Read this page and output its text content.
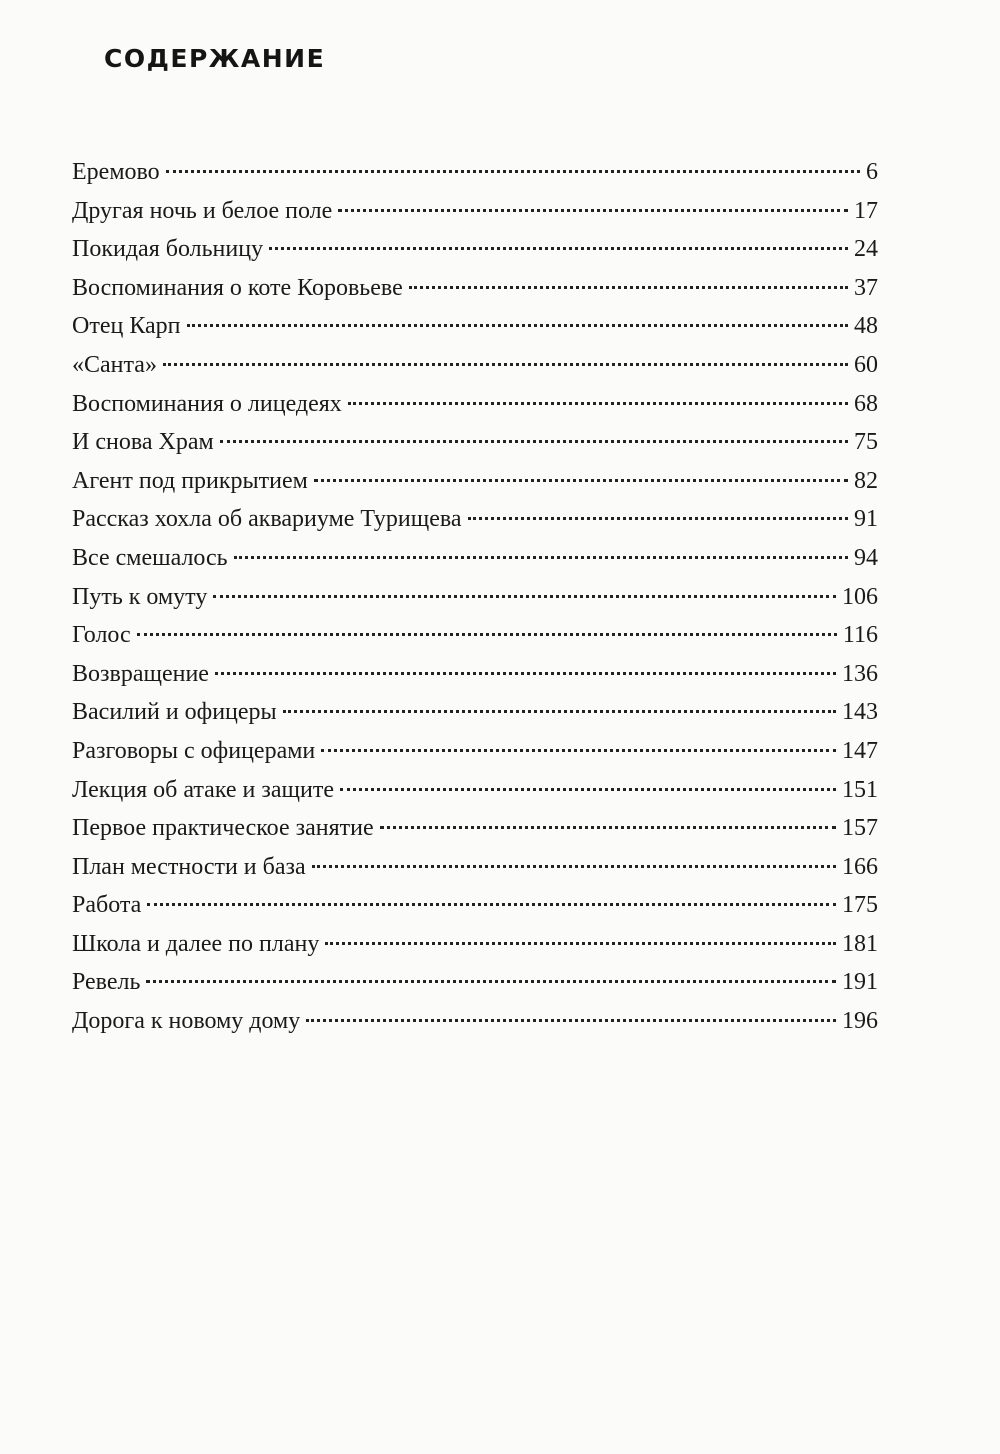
СОДЕРЖАНИЕ
Еремово	6
Другая ночь и белое поле	17
Покидая больницу	24
Воспоминания о коте Коровьеве	37
Отец Карп	48
«Санта»	60
Воспоминания о лицедеях	68
И снова Храм	75
Агент под прикрытием	82
Рассказ хохла об аквариуме Турищева	91
Все смешалось	94
Путь к омуту	106
Голос	116
Возвращение	136
Василий и офицеры	143
Разговоры с офицерами	147
Лекция об атаке и защите	151
Первое практическое занятие	157
План местности и база	166
Работа	175
Школа и далее по плану	181
Ревель	191
Дорога к новому дому	196
